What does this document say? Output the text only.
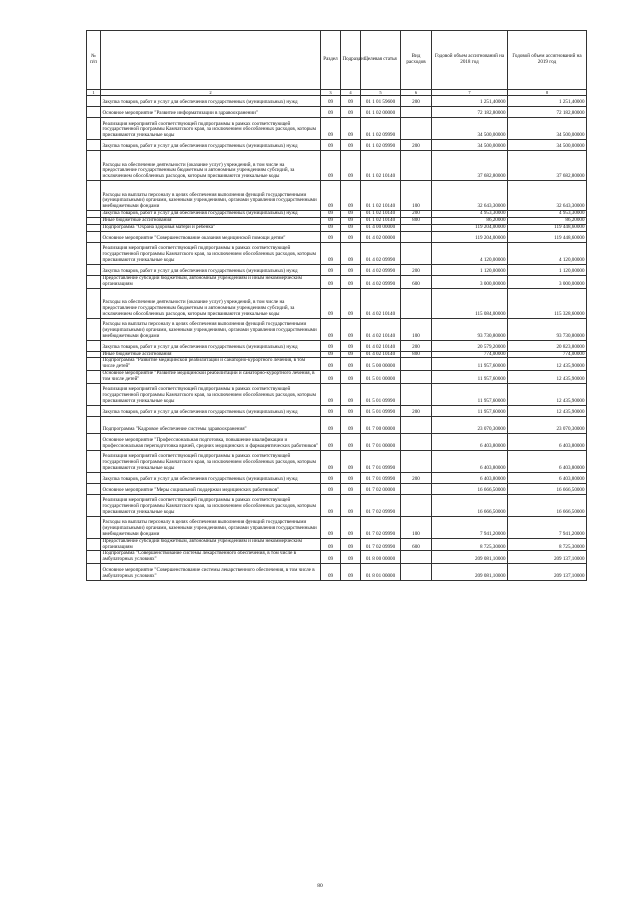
№ п/п		Раздел	Подраздел	Целевая статья	Вид расходов	Годовой объем ассигнований на 2018 год	Годовой объем ассигнований на 2019 год
1	2	3	4	5	6	7	8
	Закупка товаров, работ и услуг для обеспечения государственных (муниципальных) нужд	09	09	01 1 01 59600	200	1 251,40000	1 251,40000
	Основное мероприятие "Развитие информатизации в здравоохранении"	09	09	01 1 02 00000		72 182,80000	72 182,80000
	Реализация мероприятий соответствующей подпрограммы в рамках соответствующей государственной программы Камчатского края, за исключением обособленных расходов, которым присваиваются уникальные коды	09	09	01 1 02 09990		34 500,00000	34 500,00000
	Закупка товаров, работ и услуг для обеспечения государственных (муниципальных) нужд	09	09	01 1 02 09990	200	34 500,00000	34 500,00000
	Расходы на обеспечение деятельности (оказание услуг) учреждений, в том числе на предоставление государственным бюджетным и автономным учреждениям субсидий, за исключением обособленных расходов, которым присваиваются уникальные коды	09	09	01 1 02 10140		37 682,80000	37 682,80000
	Расходы на выплаты персоналу в целях обеспечения выполнения функций государственными (муниципальными) органами, казенными учреждениями, органами управления государственными внебюджетными фондами	09	09	01 1 02 10140	100	32 643,30000	32 643,30000
	Закупка товаров, работ и услуг для обеспечения государственных (муниципальных) нужд	09	09	01 1 02 10140	200	4 953,30000	4 953,30000
	Иные бюджетные ассигнования	09	09	01 1 02 10140	800	86,20000	86,20000
	Подпрограмма "Охрана здоровья матери и ребенка"	09	09	01 4 00 00000		119 204,00000	119 448,60000
	Основное мероприятие "Совершенствование оказания медицинской помощи детям"	09	09	01 4 02 00000		119 204,00000	119 448,60000
	Реализация мероприятий соответствующей подпрограммы в рамках соответствующей государственной программы Камчатского края, за исключением обособленных расходов, которым присваиваются уникальные коды	09	09	01 4 02 09990		4 120,00000	4 120,00000
	Закупка товаров, работ и услуг для обеспечения государственных (муниципальных) нужд	09	09	01 4 02 09990	200	1 120,00000	1 120,00000
	Предоставление субсидий бюджетным, автономным учреждениям и иным некоммерческим организациям	09	09	01 4 02 09990	600	3 000,00000	3 000,00000
	Расходы на обеспечение деятельности (оказание услуг) учреждений, в том числе на предоставление государственным бюджетным и автономным учреждениям субсидий, за исключением обособленных расходов, которым присваиваются уникальные коды	09	09	01 4 02 10140		115 084,00000	115 328,60000
	Расходы на выплаты персоналу в целях обеспечения выполнения функций государственными (муниципальными) органами, казенными учреждениями, органами управления государственными внебюджетными фондами	09	09	01 4 02 10140	100	93 730,80000	93 730,80000
	Закупка товаров, работ и услуг для обеспечения государственных (муниципальных) нужд	09	09	01 4 02 10140	200	20 579,20000	20 823,80000
	Иные бюджетные ассигнования	09	09	01 4 02 10140	800	774,00000	774,00000
	Подпрограмма "Развитие медицинской реабилитации и санаторно-курортного лечения, в том числе детей"	09	09	01 5 00 00000		11 957,60000	12 435,90000
	Основное мероприятие "Развитие медицинской реабилитации и санаторно-курортного лечения, в том числе детей"	09	09	01 5 01 00000		11 957,60000	12 435,90000
	Реализация мероприятий соответствующей подпрограммы в рамках соответствующей государственной программы Камчатского края, за исключением обособленных расходов, которым присваиваются уникальные коды	09	09	01 5 01 09990		11 957,60000	12 435,90000
	Закупка товаров, работ и услуг для обеспечения государственных (муниципальных) нужд	09	09	01 5 01 09990	200	11 957,60000	12 435,90000
	Подпрограмма "Кадровое обеспечение системы здравоохранения"	09	09	01 7 00 00000		23 070,30000	23 070,30000
	Основное мероприятие "Профессиональная подготовка, повышение квалификации и профессиональная переподготовка врачей, средних медицинских и фармацевтических работников"	09	09	01 7 01 00000		6 403,80000	6 403,80000
	Реализация мероприятий соответствующей подпрограммы в рамках соответствующей государственной программы Камчатского края, за исключением обособленных расходов, которым присваиваются уникальные коды	09	09	01 7 01 09990		6 403,80000	6 403,80000
	Закупка товаров, работ и услуг для обеспечения государственных (муниципальных) нужд	09	09	01 7 01 09990	200	6 403,80000	6 403,80000
	Основное мероприятие "Меры социальной поддержки медицинских работников"	09	09	01 7 02 00000		16 666,50000	16 666,50000
	Реализация мероприятий соответствующей подпрограммы в рамках соответствующей государственной программы Камчатского края, за исключением обособленных расходов, которым присваиваются уникальные коды	09	09	01 7 02 09990		16 666,50000	16 666,50000
	Расходы на выплаты персоналу в целях обеспечения выполнения функций государственными (муниципальными) органами, казенными учреждениями, органами управления государственными внебюджетными фондами	09	09	01 7 02 09990	100	7 941,20000	7 941,20000
	Предоставление субсидий бюджетным, автономным учреждениям и иным некоммерческим организациям	09	09	01 7 02 09990	600	8 725,30000	8 725,30000
	Подпрограмма "Совершенствование системы лекарственного обеспечения, в том числе в амбулаторных условиях"	09	09	01 8 00 00000		209 081,10000	209 137,10000
	Основное мероприятие "Совершенствование системы лекарственного обеспечения, в том числе в амбулаторных условиях"	09	09	01 8 01 00000		209 081,10000	209 137,10000
80
